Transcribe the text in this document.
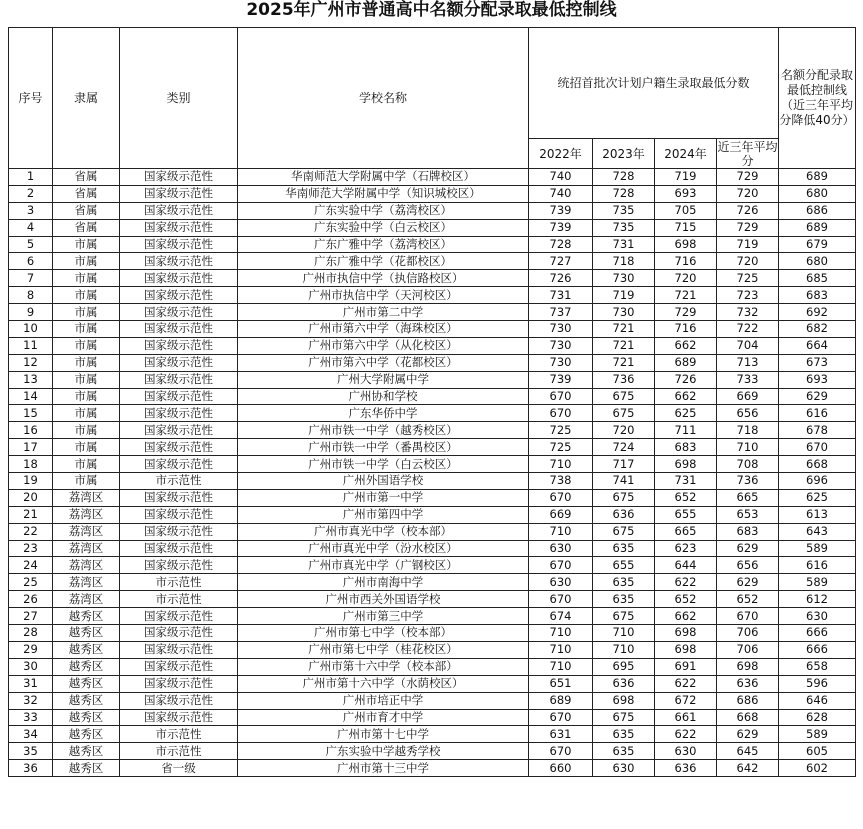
2025年广州市普通高中名额分配录取最低控制线
序号	隶属	类别	学校名称	统招首批次计划户籍生录取最低分数				名额分配录取最低控制线（近三年平均分降低40分）
				2022年	2023年	2024年	近三年平均分	
1	省属	国家级示范性	华南师范大学附属中学（石牌校区）	740	728	719	729	689
2	省属	国家级示范性	华南师范大学附属中学（知识城校区）	740	728	693	720	680
3	省属	国家级示范性	广东实验中学（荔湾校区）	739	735	705	726	686
4	省属	国家级示范性	广东实验中学（白云校区）	739	735	715	729	689
5	市属	国家级示范性	广东广雅中学（荔湾校区）	728	731	698	719	679
6	市属	国家级示范性	广东广雅中学（花都校区）	727	718	716	720	680
7	市属	国家级示范性	广州市执信中学（执信路校区）	726	730	720	725	685
8	市属	国家级示范性	广州市执信中学（天河校区）	731	719	721	723	683
9	市属	国家级示范性	广州市第二中学	737	730	729	732	692
10	市属	国家级示范性	广州市第六中学（海珠校区）	730	721	716	722	682
11	市属	国家级示范性	广州市第六中学（从化校区）	730	721	662	704	664
12	市属	国家级示范性	广州市第六中学（花都校区）	730	721	689	713	673
13	市属	国家级示范性	广州大学附属中学	739	736	726	733	693
14	市属	国家级示范性	广州协和学校	670	675	662	669	629
15	市属	国家级示范性	广东华侨中学	670	675	625	656	616
16	市属	国家级示范性	广州市铁一中学（越秀校区）	725	720	711	718	678
17	市属	国家级示范性	广州市铁一中学（番禺校区）	725	724	683	710	670
18	市属	国家级示范性	广州市铁一中学（白云校区）	710	717	698	708	668
19	市属	市示范性	广州外国语学校	738	741	731	736	696
20	荔湾区	国家级示范性	广州市第一中学	670	675	652	665	625
21	荔湾区	国家级示范性	广州市第四中学	669	636	655	653	613
22	荔湾区	国家级示范性	广州市真光中学（校本部）	710	675	665	683	643
23	荔湾区	国家级示范性	广州市真光中学（汾水校区）	630	635	623	629	589
24	荔湾区	国家级示范性	广州市真光中学（广钢校区）	670	655	644	656	616
25	荔湾区	市示范性	广州市南海中学	630	635	622	629	589
26	荔湾区	市示范性	广州市西关外国语学校	670	635	652	652	612
27	越秀区	国家级示范性	广州市第三中学	674	675	662	670	630
28	越秀区	国家级示范性	广州市第七中学（校本部）	710	710	698	706	666
29	越秀区	国家级示范性	广州市第七中学（桂花校区）	710	710	698	706	666
30	越秀区	国家级示范性	广州市第十六中学（校本部）	710	695	691	698	658
31	越秀区	国家级示范性	广州市第十六中学（水荫校区）	651	636	622	636	596
32	越秀区	国家级示范性	广州市培正中学	689	698	672	686	646
33	越秀区	国家级示范性	广州市育才中学	670	675	661	668	628
34	越秀区	市示范性	广州市第十七中学	631	635	622	629	589
35	越秀区	市示范性	广东实验中学越秀学校	670	635	630	645	605
36	越秀区	省一级	广州市第十三中学	660	630	636	642	602
